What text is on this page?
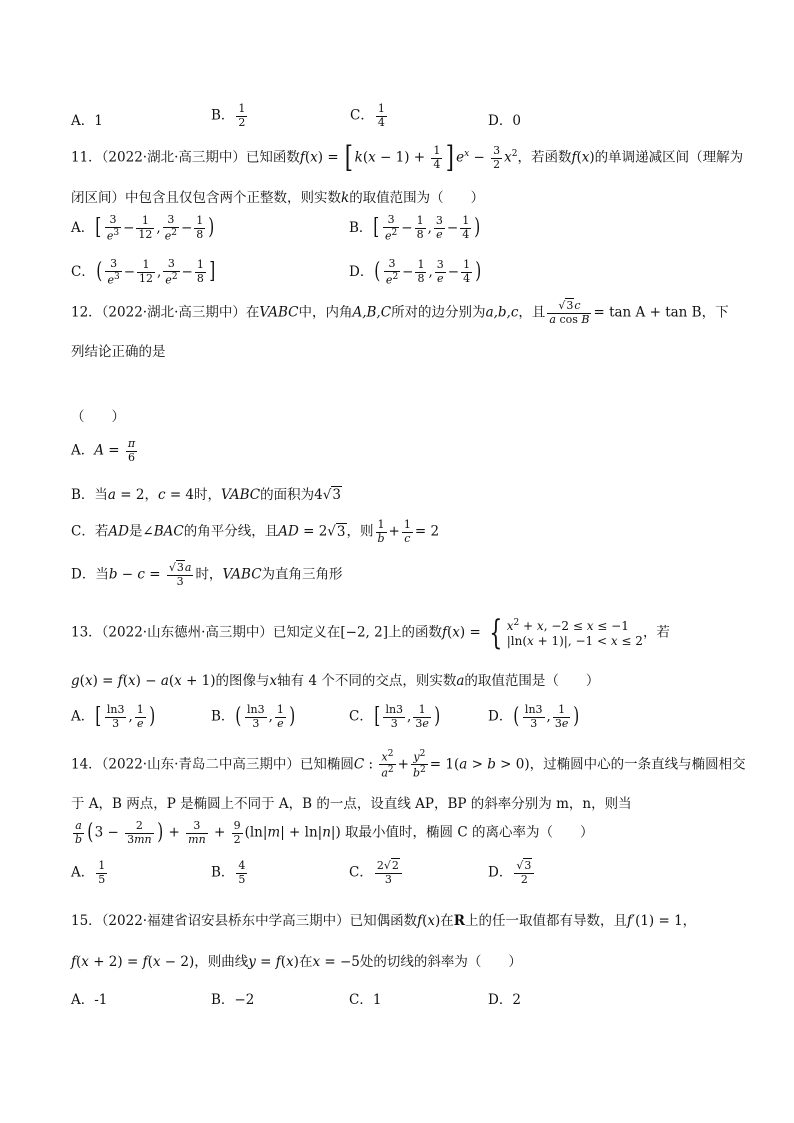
A．1	B． $\frac{1}{2}$	C． $\frac{1}{4}$	D．0
11．（2022·湖北·高三期中）已知函数f(x) = [ $k(x - 1) + \frac{1}{4}$ ] $e^x - \frac{3}{2} x^2$，若函数f(x)的单调递减区间（理解为
闭区间）中包含且仅包含两个正整数，则实数k的取值范围为（　　）
A．[ $\frac{3}{e^3} - \frac{1}{12}$ , $\frac{3}{e^2} - \frac{1}{8}$ )	B．[ $\frac{3}{e^2} - \frac{1}{8}$ , $\frac{3}{e} - \frac{1}{4}$ )
C．( $\frac{3}{e^3} - \frac{1}{12}$ , $\frac{3}{e^2} - \frac{1}{8}$ ]	D．( $\frac{3}{e^2} - \frac{1}{8}$ , $\frac{3}{e} - \frac{1}{4}$ )
12．（2022·湖北·高三期中）在VABC中，内角A,B,C所对的边分别为a,b,c，且 $\frac{√3c}{\text{a cos B}} = \tan A + \tan B$，下
列结论正确的是
（　　）
A．$A = \frac{\pi}{6}$
B．当a = 2，c = 4时，VABC的面积为4√3
C．若AD是∠BAC的角平分线，且AD = 2√3，则 $\frac{1}{b} + \frac{1}{c} = 2$
D．当$b - c = \frac{√3a}{3}$ 时，VABC为直角三角形
13．（2022·山东德州·高三期中）已知定义在[−2, 2]上的函数f(x) = { $x^2 + x$, −2 ≤ x ≤ −1
|ln(x + 1)|, −1 < x ≤ 2 ，若
g(x) = f(x) − a(x + 1)的图像与x轴有 4 个不同的交点，则实数a的取值范围是（　　）
A．[ $\frac{\ln 3}{3}$ , $\frac{1}{e}$ )	B．( $\frac{\ln 3}{3}$ , $\frac{1}{e}$ )	C．[ $\frac{\ln 3}{3}$ , $\frac{1}{3e}$ )	D．( $\frac{\ln 3}{3}$ , $\frac{1}{3e}$ )
14．（2022·山东·青岛二中高三期中）已知椭圆C : $\frac{x^2}{a^2} + \frac{y^2}{b^2} = 1(a > b > 0)$，过椭圆中心的一条直线与椭圆相交
于 A，B 两点，P 是椭圆上不同于 A，B 的一点，设直线 AP，BP 的斜率分别为 m，n，则当
$\frac{a}{b} (3 - \frac{2}{3mn}$ ) + $\frac{3}{mn} + \frac{9}{2} (\ln|m| + \ln|n|)$ 取最小值时，椭圆 C 的离心率为（　　）
A． $\frac{1}{5}$	B． $\frac{4}{5}$	C． $\frac{2√2}{3}$	D． $\frac{√3}{2}$
15．（2022·福建省诏安县桥东中学高三期中）已知偶函数f(x)在R上的任一取值都有导数，且f′(1) = 1，
f(x + 2) = f(x − 2)，则曲线y = f(x)在x = −5处的切线的斜率为（　　）
A．-1	B．−2	C．1	D．2
